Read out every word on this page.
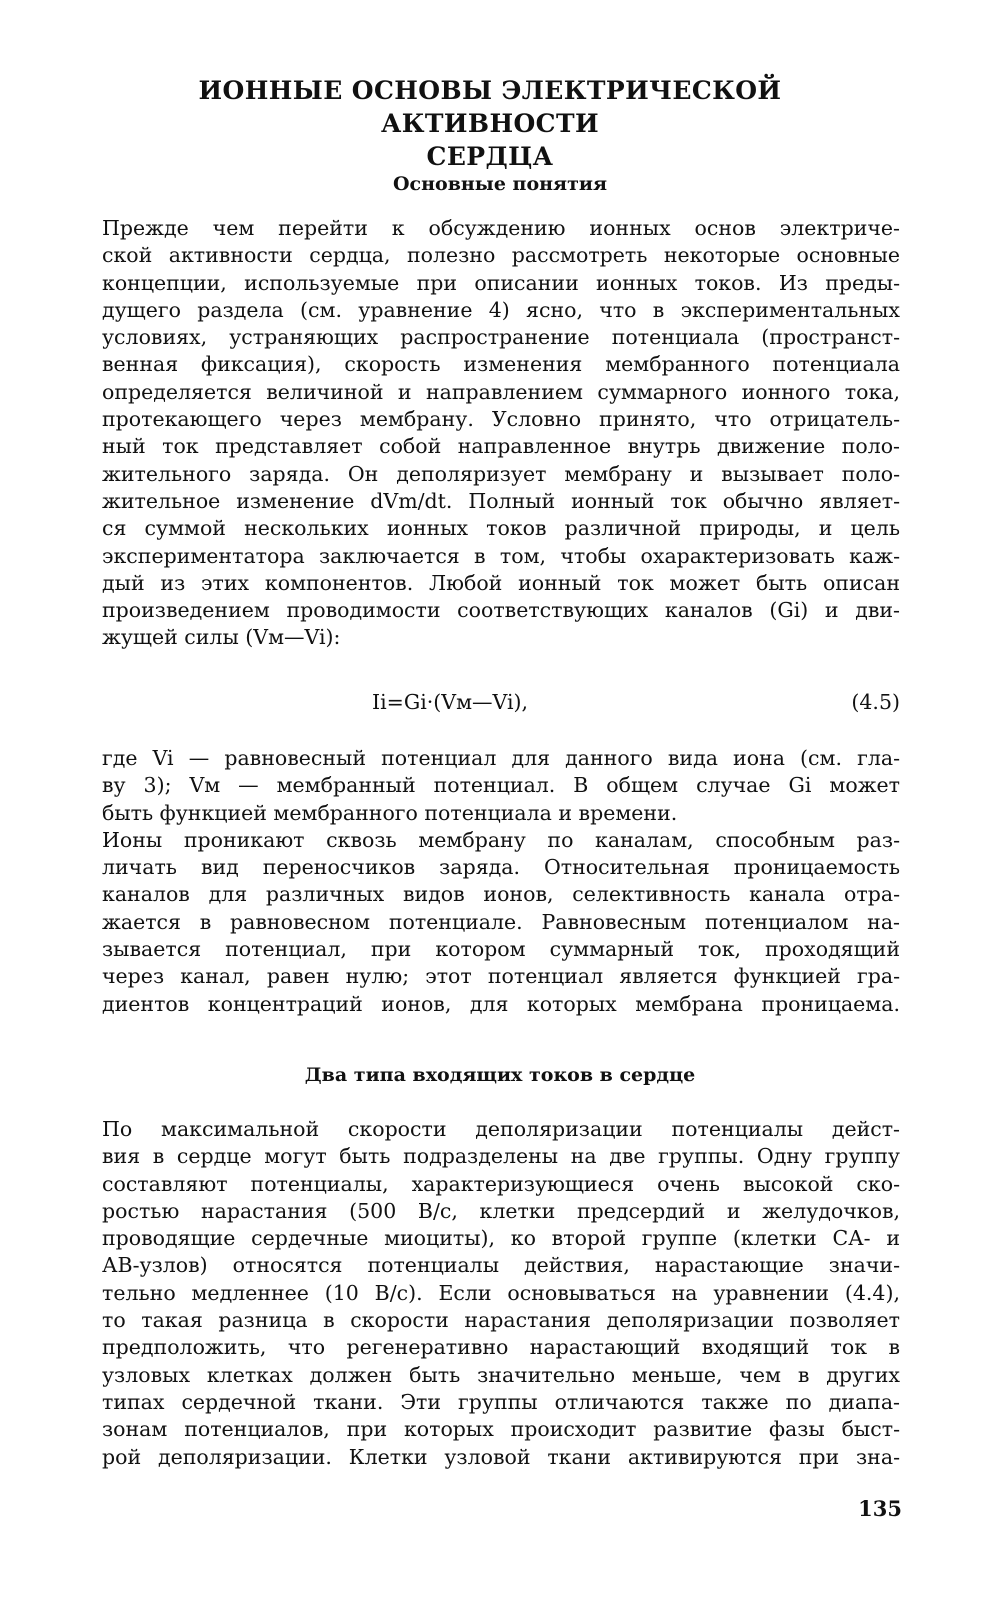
ИОННЫЕ ОСНОВЫ ЭЛЕКТРИЧЕСКОЙ АКТИВНОСТИ
СЕРДЦА
Основные понятия
Прежде чем перейти к обсуждению ионных основ электриче-
ской активности сердца, полезно рассмотреть некоторые основные
концепции, используемые при описании ионных токов. Из преды-
дущего раздела (см. уравнение 4) ясно, что в экспериментальных
условиях, устраняющих распространение потенциала (пространст-
венная фиксация), скорость изменения мембранного потенциала
определяется величиной и направлением суммарного ионного тока,
протекающего через мембрану. Условно принято, что отрицатель-
ный ток представляет собой направленное внутрь движение поло-
жительного заряда. Он деполяризует мембрану и вызывает поло-
жительное изменение dVm/dt. Полный ионный ток обычно являет-
ся суммой нескольких ионных токов различной природы, и цель
экспериментатора заключается в том, чтобы охарактеризовать каж-
дый из этих компонентов. Любой ионный ток может быть описан
произведением проводимости соответствующих каналов (Gi) и дви-
жущей силы (Vм—Vi):
Ii=Gi·(Vм—Vi),	(4.5)
где Vi — равновесный потенциал для данного вида иона (см. гла-
ву 3); Vм — мембранный потенциал. В общем случае Gi может
быть функцией мембранного потенциала и времени.
Ионы проникают сквозь мембрану по каналам, способным раз-
личать вид переносчиков заряда. Относительная проницаемость
каналов для различных видов ионов, селективность канала отра-
жается в равновесном потенциале. Равновесным потенциалом на-
зывается потенциал, при котором суммарный ток, проходящий
через канал, равен нулю; этот потенциал является функцией гра-
диентов концентраций ионов, для которых мембрана проницаема.
Два типа входящих токов в сердце
По максимальной скорости деполяризации потенциалы дейст-
вия в сердце могут быть подразделены на две группы. Одну группу
составляют потенциалы, характеризующиеся очень высокой ско-
ростью нарастания (500 В/с, клетки предсердий и желудочков,
проводящие сердечные миоциты), ко второй группе (клетки СА- и
АВ-узлов) относятся потенциалы действия, нарастающие значи-
тельно медленнее (10 В/с). Если основываться на уравнении (4.4),
то такая разница в скорости нарастания деполяризации позволяет
предположить, что регенеративно нарастающий входящий ток в
узловых клетках должен быть значительно меньше, чем в других
типах сердечной ткани. Эти группы отличаются также по диапа-
зонам потенциалов, при которых происходит развитие фазы быст-
рой деполяризации. Клетки узловой ткани активируются при зна-
135
